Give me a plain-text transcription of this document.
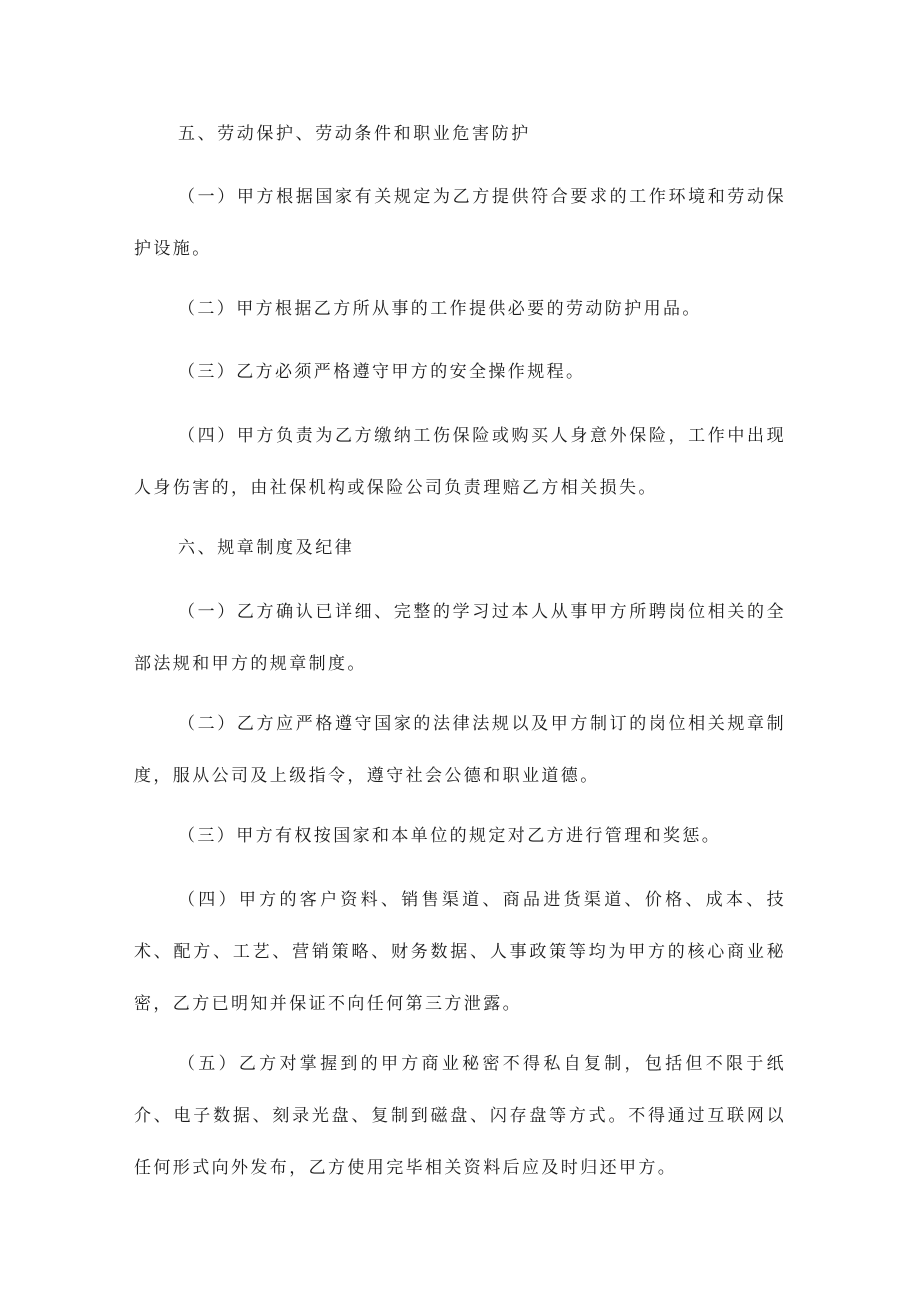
五、劳动保护、劳动条件和职业危害防护

（一）甲方根据国家有关规定为乙方提供符合要求的工作环境和劳动保护设施。

（二）甲方根据乙方所从事的工作提供必要的劳动防护用品。

（三）乙方必须严格遵守甲方的安全操作规程。

（四）甲方负责为乙方缴纳工伤保险或购买人身意外保险，工作中出现人身伤害的，由社保机构或保险公司负责理赔乙方相关损失。

六、规章制度及纪律

（一）乙方确认已详细、完整的学习过本人从事甲方所聘岗位相关的全部法规和甲方的规章制度。

（二）乙方应严格遵守国家的法律法规以及甲方制订的岗位相关规章制度，服从公司及上级指令，遵守社会公德和职业道德。

（三）甲方有权按国家和本单位的规定对乙方进行管理和奖惩。

（四）甲方的客户资料、销售渠道、商品进货渠道、价格、成本、技术、配方、工艺、营销策略、财务数据、人事政策等均为甲方的核心商业秘密，乙方已明知并保证不向任何第三方泄露。

（五）乙方对掌握到的甲方商业秘密不得私自复制，包括但不限于纸介、电子数据、刻录光盘、复制到磁盘、闪存盘等方式。不得通过互联网以任何形式向外发布，乙方使用完毕相关资料后应及时归还甲方。
